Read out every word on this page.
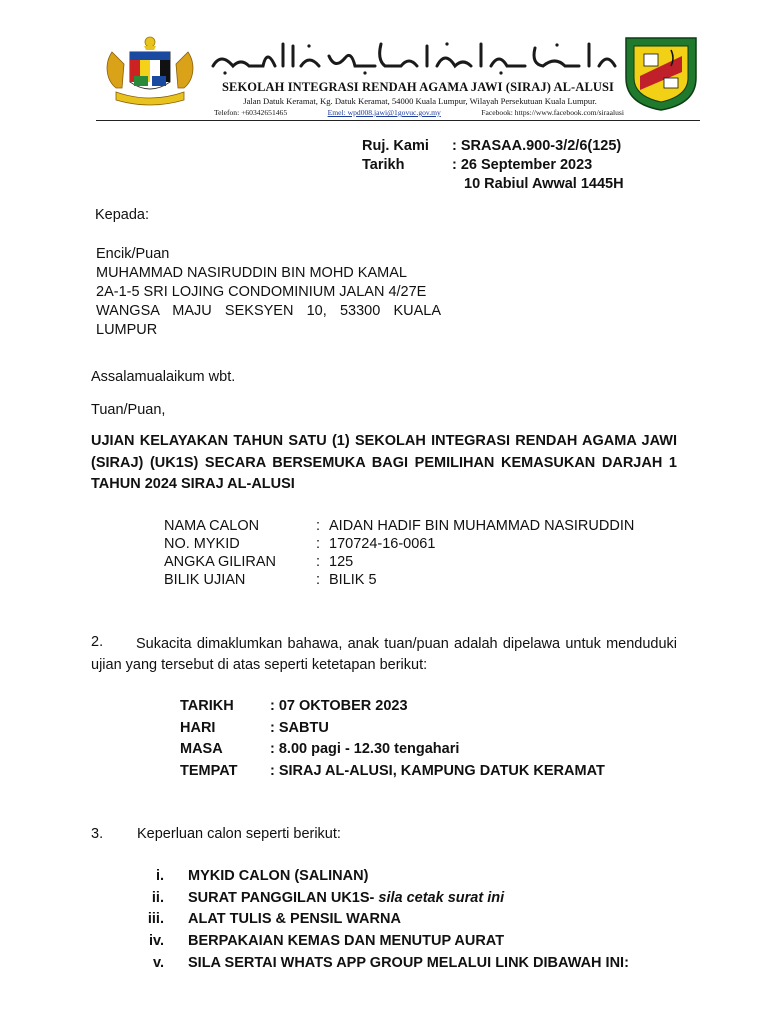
SEKOLAH INTEGRASI RENDAH AGAMA JAWI (SIRAJ) AL-ALUSI
Jalan Datuk Keramat, Kg. Datuk Keramat, 54000 Kuala Lumpur, Wilayah Persekutuan Kuala Lumpur.
Telefon: +60342651465	Emel: wpd008.jawi@1govuc.gov.my	Facebook: https://www.facebook.com/siraalusi
Ruj. Kami : SRASAA.900-3/2/6(125)
Tarikh	: 26 September 2023
10 Rabiul Awwal 1445H
Kepada:
Encik/Puan
MUHAMMAD NASIRUDDIN BIN MOHD KAMAL
2A-1-5 SRI LOJING CONDOMINIUM JALAN 4/27E
WANGSA MAJU SEKSYEN 10, 53300 KUALA
LUMPUR
Assalamualaikum wbt.
Tuan/Puan,
UJIAN KELAYAKAN TAHUN SATU (1) SEKOLAH INTEGRASI RENDAH AGAMA JAWI (SIRAJ) (UK1S) SECARA BERSEMUKA BAGI PEMILIHAN KEMASUKAN DARJAH 1 TAHUN 2024 SIRAJ AL-ALUSI
NAMA CALON	: AIDAN HADIF BIN MUHAMMAD NASIRUDDIN
NO. MYKID	: 170724-16-0061
ANGKA GILIRAN	: 125
BILIK UJIAN	: BILIK 5
2.	Sukacita dimaklumkan bahawa, anak tuan/puan adalah dipelawa untuk menduduki ujian yang tersebut di atas seperti ketetapan berikut:
TARIKH	: 07 OKTOBER 2023
HARI	: SABTU
MASA	: 8.00 pagi - 12.30 tengahari
TEMPAT : SIRAJ AL-ALUSI, KAMPUNG DATUK KERAMAT
3. Keperluan calon seperti berikut:
i. MYKID CALON (SALINAN)
ii. SURAT PANGGILAN UK1S- sila cetak surat ini
iii. ALAT TULIS & PENSIL WARNA
iv. BERPAKAIAN KEMAS DAN MENUTUP AURAT
v. SILA SERTAI WHATS APP GROUP MELALUI LINK DIBAWAH INI:
